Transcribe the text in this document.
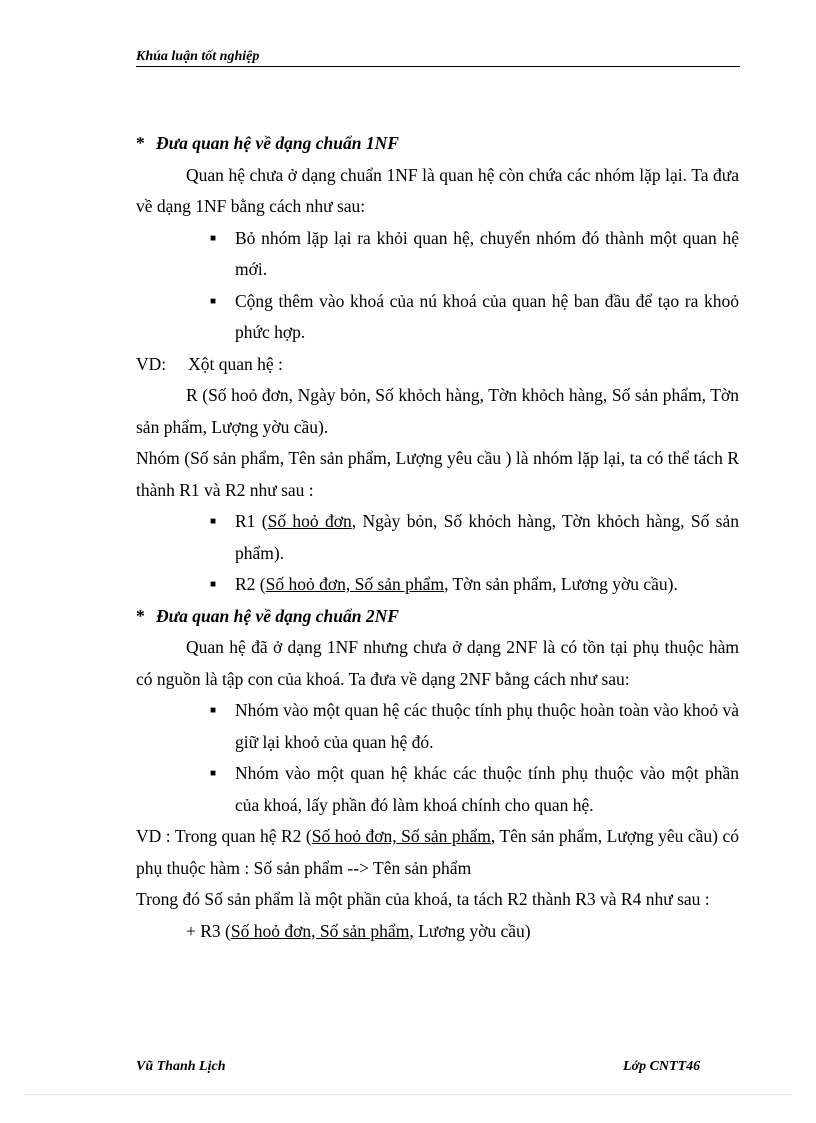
Khúa luận tốt nghiệp

* Đưa quan hệ về dạng chuẩn 1NF

Quan hệ chưa ở dạng chuẩn 1NF là quan hệ còn chứa các nhóm lặp lại. Ta đưa về dạng 1NF bằng cách như sau:

■ Bỏ nhóm lặp lại ra khỏi quan hệ, chuyển nhóm đó thành một quan hệ mới.

■ Cộng thêm vào khoá của nú khoá của quan hệ ban đầu để tạo ra khoỏ phức hợp.

VD: Xột quan hệ :

R (Số hoỏ đơn, Ngày bỏn, Số khỏch hàng, Tờn khỏch hàng, Số sản phẩm, Tờn sản phẩm, Lượng yờu cầu).

Nhóm (Số sản phẩm, Tên sản phẩm, Lượng yêu cầu ) là nhóm lặp lại, ta có thể tách R thành R1 và R2 như sau :

■ R1 (Số hoỏ đơn, Ngày bỏn, Số khỏch hàng, Tờn khỏch hàng, Số sản phẩm).

■ R2 (Số hoỏ đơn, Số sản phẩm, Tờn sản phẩm, Lương yờu cầu).

* Đưa quan hệ về dạng chuẩn 2NF

Quan hệ đã ở dạng 1NF nhưng chưa ở dạng 2NF là có tồn tại phụ thuộc hàm có nguồn là tập con của khoá. Ta đưa về dạng 2NF bằng cách như sau:

■ Nhóm vào một quan hệ các thuộc tính phụ thuộc hoàn toàn vào khoỏ và giữ lại khoỏ của quan hệ đó.

■ Nhóm vào một quan hệ khác các thuộc tính phụ thuộc vào một phần của khoá, lấy phần đó làm khoá chính cho quan hệ.

VD : Trong quan hệ R2 (Số hoỏ đơn, Số sản phẩm, Tên sản phẩm, Lượng yêu cầu) có phụ thuộc hàm : Số sản phẩm --> Tên sản phẩm

Trong đó Số sản phẩm là một phần của khoá, ta tách R2 thành R3 và R4 như sau :

+ R3 (Số hoỏ đơn, Số sản phẩm, Lương yờu cầu)

Vũ Thanh Lịch	Lớp CNTT46
